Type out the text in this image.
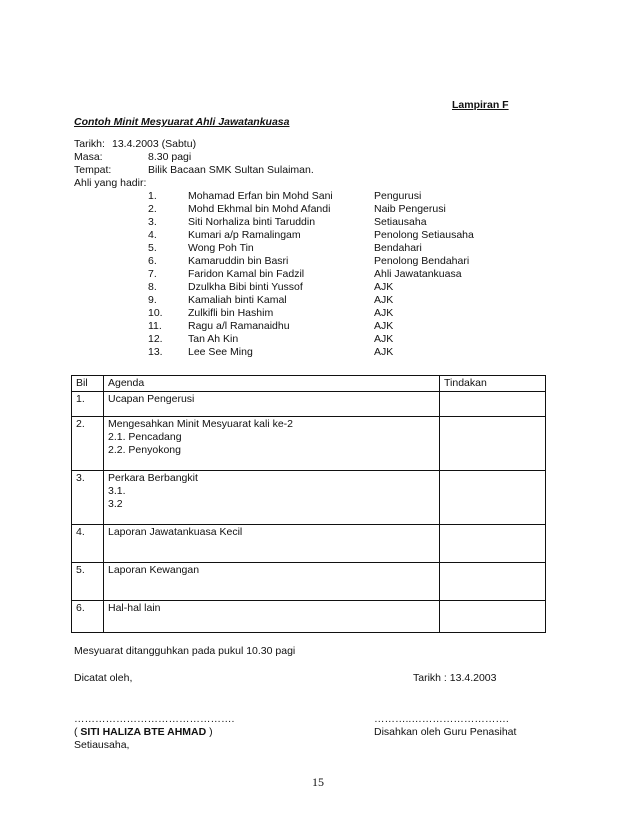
Lampiran F
Contoh Minit Mesyuarat Ahli Jawatankuasa
Tarikh: 13.4.2003 (Sabtu)
Masa:	8.30 pagi
Tempat:	Bilik Bacaan SMK Sultan Sulaiman.
Ahli yang hadir:
1.	Mohamad Erfan bin Mohd Sani	Pengurusi
2.	Mohd Ekhmal bin Mohd Afandi	Naib Pengerusi
3.	Siti Norhaliza binti Taruddin	Setiausaha
4.	Kumari a/p Ramalingam	Penolong Setiausaha
5.	Wong Poh Tin	Bendahari
6.	Kamaruddin bin Basri	Penolong Bendahari
7.	Faridon Kamal bin Fadzil	Ahli Jawatankuasa
8.	Dzulkha Bibi binti Yussof	AJK
9.	Kamaliah binti Kamal	AJK
10. Zulkifli bin Hashim	AJK
11. Ragu a/l Ramanaidhu	AJK
12. Tan Ah Kin	AJK
13. Lee See Ming	AJK
Bil	Agenda	Tindakan
1.	Ucapan Pengerusi	

2.	Mengesahkan Minit Mesyuarat kali ke-2
2.1. Pencadang
2.2. Penyokong	

3.	Perkara Berbangkit
3.1.
3.2	

4.	Laporan Jawatankuasa Kecil	

5.	Laporan Kewangan	

6.	Hal-hal lain	

Mesyuarat ditangguhkan pada pukul 10.30 pagi
Dicatat oleh,	Tarikh : 13.4.2003
……………………………………….	………..……………………….
( SITI HALIZA BTE AHMAD )	Disahkan oleh Guru Penasihat
Setiausaha,
15
